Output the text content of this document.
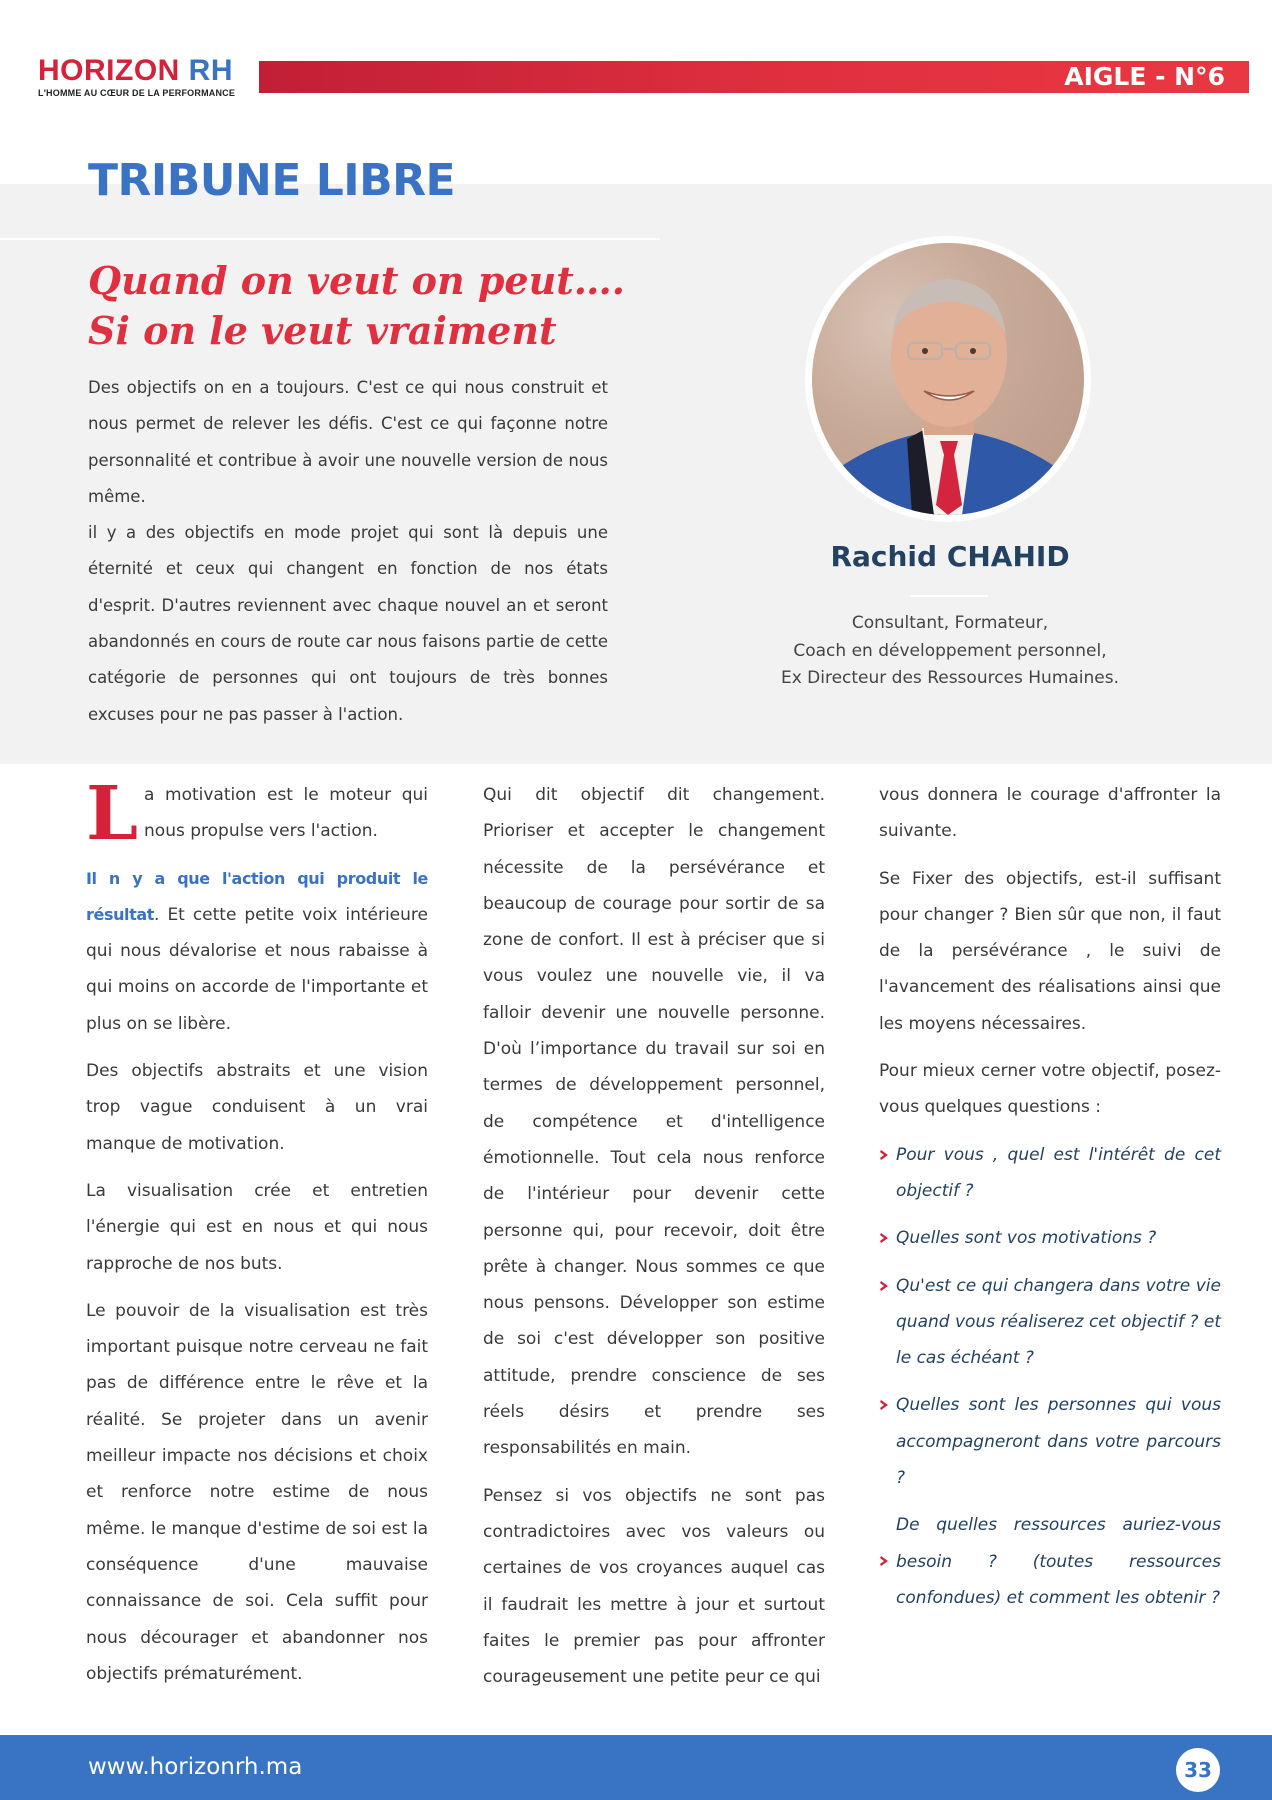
HORIZON RH
L'HOMME AU CŒUR DE LA PERFORMANCE
AIGLE - N°6
TRIBUNE LIBRE
Quand on veut on peut….
Si on le veut vraiment

Des objectifs on en a toujours. C'est ce qui nous construit et nous permet de relever les défis. C'est ce qui façonne notre personnalité et contribue à avoir une nouvelle version de nous même.

il y a des objectifs en mode projet qui sont là depuis une éternité et ceux qui changent en fonction de nos états d'esprit. D'autres reviennent avec chaque nouvel an et seront abandonnés en cours de route car nous faisons partie de cette catégorie de personnes qui ont toujours de très bonnes excuses pour ne pas passer à l'action.

Rachid CHAHID
Consultant, Formateur,
Coach en développement personnel,
Ex Directeur des Ressources Humaines.

L a motivation est le moteur qui nous propulse vers l'action.

Il n y a que l'action qui produit le résultat. Et cette petite voix intérieure qui nous dévalorise et nous rabaisse à qui moins on accorde de l'importante et plus on se libère.

Des objectifs abstraits et une vision trop vague conduisent à un vrai manque de motivation.

La visualisation crée et entretien l'énergie qui est en nous et qui nous rapproche de nos buts.

Le pouvoir de la visualisation est très important puisque notre cerveau ne fait pas de différence entre le rêve et la réalité. Se projeter dans un avenir meilleur impacte nos décisions et choix et renforce notre estime de nous même. le manque d'estime de soi est la conséquence d'une mauvaise connaissance de soi. Cela suffit pour nous décourager et abandonner nos objectifs prématurément.

Qui dit objectif dit changement. Prioriser et accepter le changement nécessite de la persévérance et beaucoup de courage pour sortir de sa zone de confort. Il est à préciser que si vous voulez une nouvelle vie, il va falloir devenir une nouvelle personne. D'où l’importance du travail sur soi en termes de développement personnel, de compétence et d'intelligence émotionnelle. Tout cela nous renforce de l'intérieur pour devenir cette personne qui, pour recevoir, doit être prête à changer. Nous sommes ce que nous pensons. Développer son estime de soi c'est développer son positive attitude, prendre conscience de ses réels désirs et prendre ses responsabilités en main.

Pensez si vos objectifs ne sont pas contradictoires avec vos valeurs ou certaines de vos croyances auquel cas il faudrait les mettre à jour et surtout faites le premier pas pour affronter courageusement une petite peur ce qui

vous donnera le courage d'affronter la suivante.

Se Fixer des objectifs, est-il suffisant pour changer ? Bien sûr que non, il faut de la persévérance , le suivi de l'avancement des réalisations ainsi que les moyens nécessaires.

Pour mieux cerner votre objectif, posez-vous quelques questions :

Pour vous , quel est l'intérêt de cet objectif ?
Quelles sont vos motivations ?
Qu'est ce qui changera dans votre vie quand vous réaliserez cet objectif ? et le cas échéant ?
Quelles sont les personnes qui vous accompagneront dans votre parcours ?
De quelles ressources auriez-vous besoin ? (toutes ressources confondues) et comment les obtenir ?
www.horizonrh.ma	33
